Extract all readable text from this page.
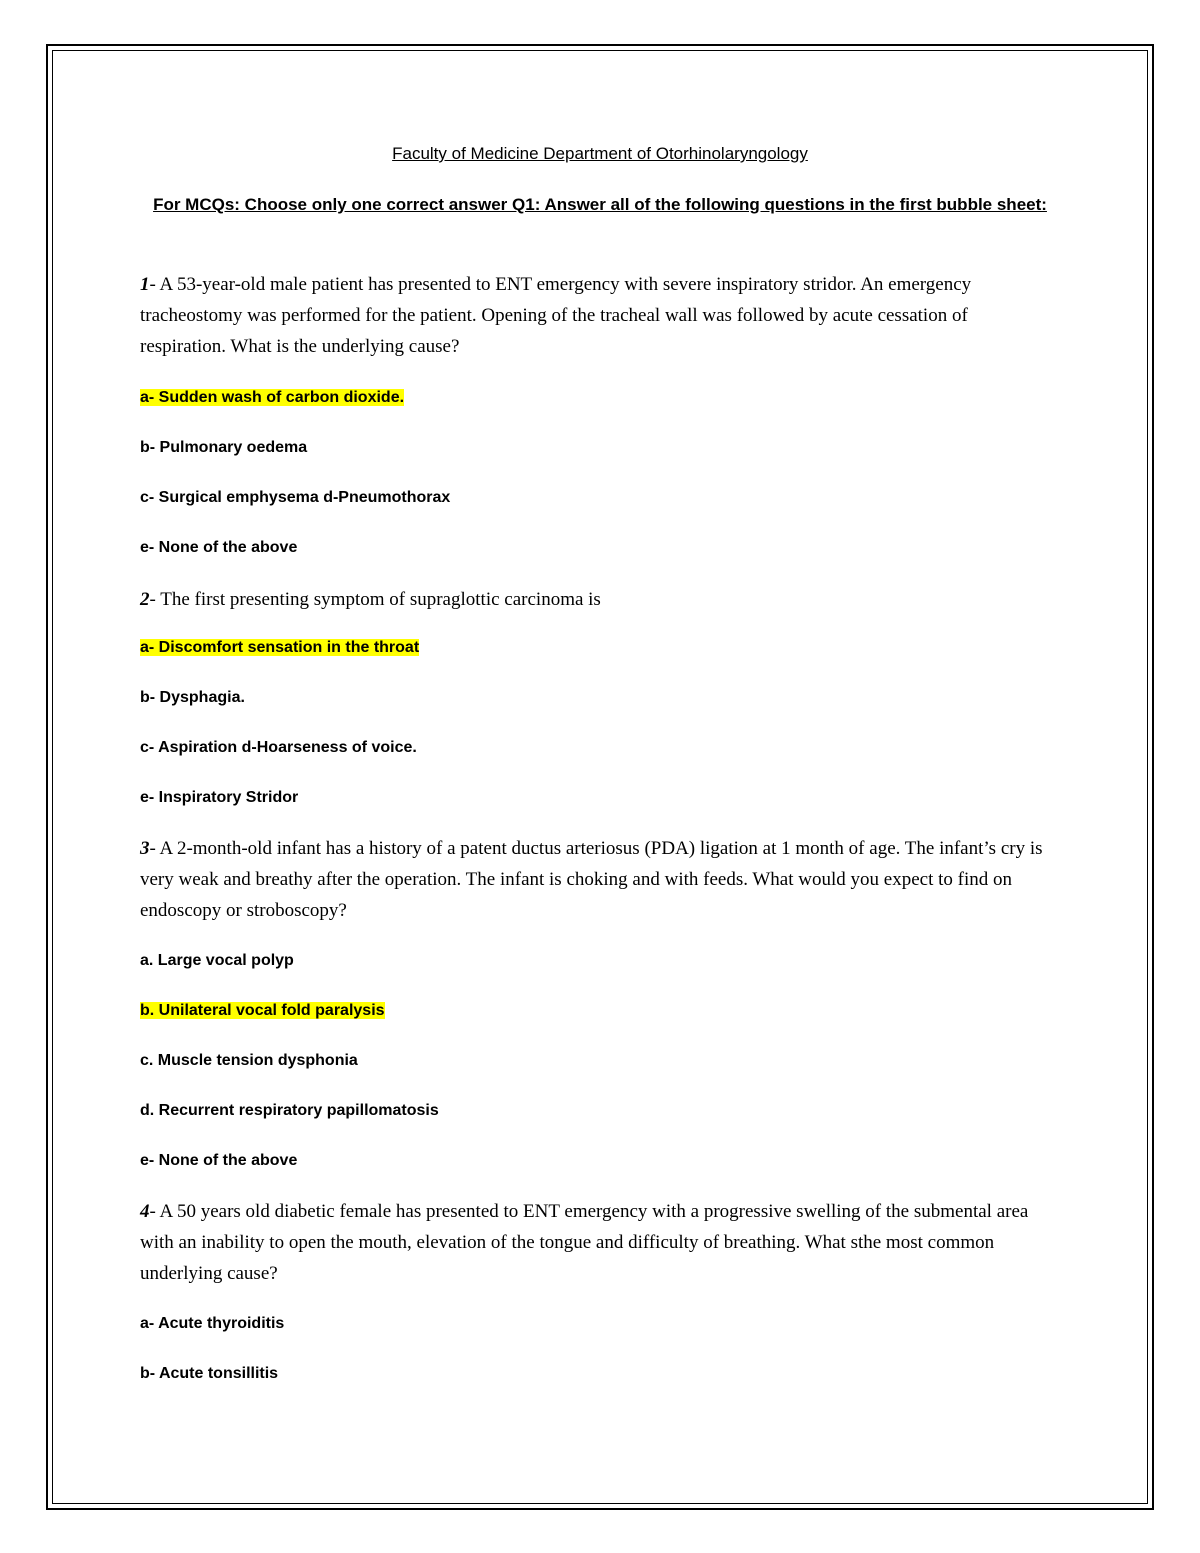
Faculty of Medicine Department of Otorhinolaryngology

For MCQs: Choose only one correct answer Q1: Answer all of the following questions in the first bubble sheet:

1- A 53-year-old male patient has presented to ENT emergency with severe inspiratory stridor. An emergency tracheostomy was performed for the patient. Opening of the tracheal wall was followed by acute cessation of respiration. What is the underlying cause?

a- Sudden wash of carbon dioxide.

b- Pulmonary oedema

c- Surgical emphysema d-Pneumothorax

e- None of the above

2- The first presenting symptom of supraglottic carcinoma is

a- Discomfort sensation in the throat

b- Dysphagia.

c- Aspiration d-Hoarseness of voice.

e- Inspiratory Stridor

3- A 2-month-old infant has a history of a patent ductus arteriosus (PDA) ligation at 1 month of age. The infant’s cry is very weak and breathy after the operation. The infant is choking and with feeds. What would you expect to find on endoscopy or stroboscopy?

a. Large vocal polyp

b. Unilateral vocal fold paralysis

c. Muscle tension dysphonia

d. Recurrent respiratory papillomatosis

e- None of the above

4- A 50 years old diabetic female has presented to ENT emergency with a progressive swelling of the submental area with an inability to open the mouth, elevation of the tongue and difficulty of breathing. What sthe most common underlying cause?

a- Acute thyroiditis

b- Acute tonsillitis
